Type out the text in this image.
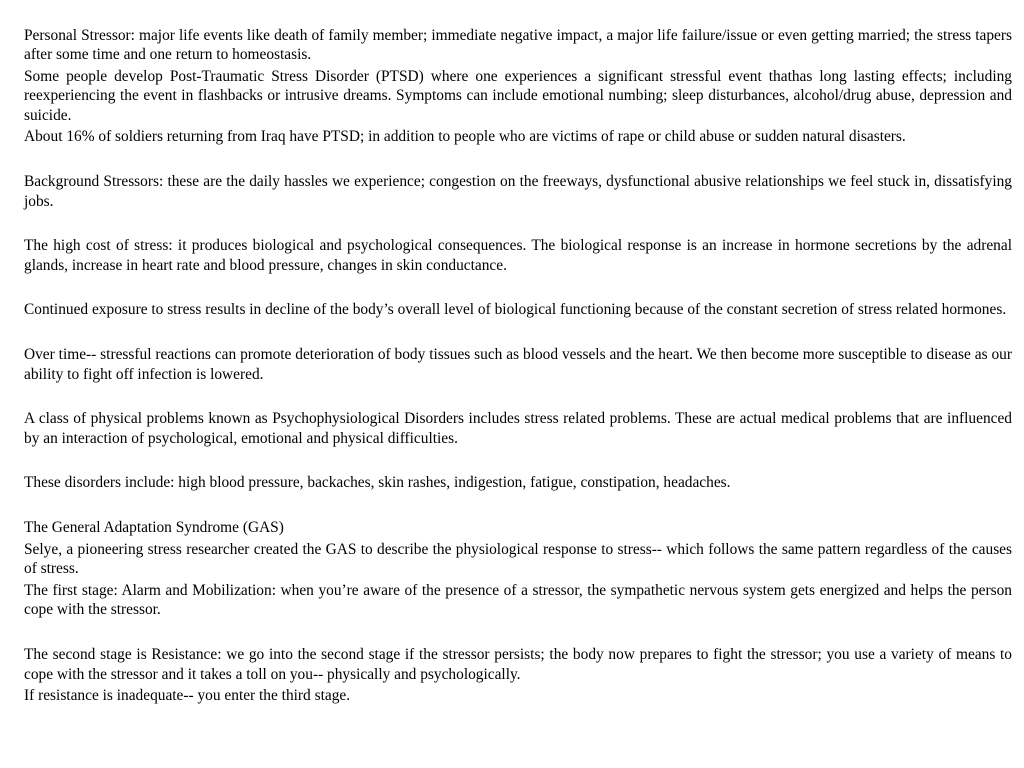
Personal Stressor: major life events like death of family member; immediate negative impact, a major life failure/issue or even getting married; the stress tapers after some time and one return to homeostasis.

Some people develop Post-Traumatic Stress Disorder (PTSD) where one experiences a significant stressful event thathas long lasting effects; including reexperiencing the event in flashbacks or intrusive dreams. Symptoms can include emotional numbing; sleep disturbances, alcohol/drug abuse, depression and suicide.

About 16% of soldiers returning from Iraq have PTSD; in addition to people who are victims of rape or child abuse or sudden natural disasters.

Background Stressors: these are the daily hassles we experience; congestion on the freeways, dysfunctional abusive relationships we feel stuck in, dissatisfying jobs.

The high cost of stress: it produces biological and psychological consequences. The biological response is an increase in hormone secretions by the adrenal glands, increase in heart rate and blood pressure, changes in skin conductance.

Continued exposure to stress results in decline of the body’s overall level of biological functioning because of the constant secretion of stress related hormones.

Over time-- stressful reactions can promote deterioration of body tissues such as blood vessels and the heart. We then become more susceptible to disease as our ability to fight off infection is lowered.

A class of physical problems known as Psychophysiological Disorders includes stress related problems. These are actual medical problems that are influenced by an interaction of psychological, emotional and physical difficulties.

These disorders include: high blood pressure, backaches, skin rashes, indigestion, fatigue, constipation, headaches.

The General Adaptation Syndrome (GAS)

Selye, a pioneering stress researcher created the GAS to describe the physiological response to stress-- which follows the same pattern regardless of the causes of stress.

The first stage: Alarm and Mobilization: when you’re aware of the presence of a stressor, the sympathetic nervous system gets energized and helps the person cope with the stressor.

The second stage is Resistance: we go into the second stage if the stressor persists; the body now prepares to fight the stressor; you use a variety of means to cope with the stressor and it takes a toll on you-- physically and psychologically.

If resistance is inadequate-- you enter the third stage.
